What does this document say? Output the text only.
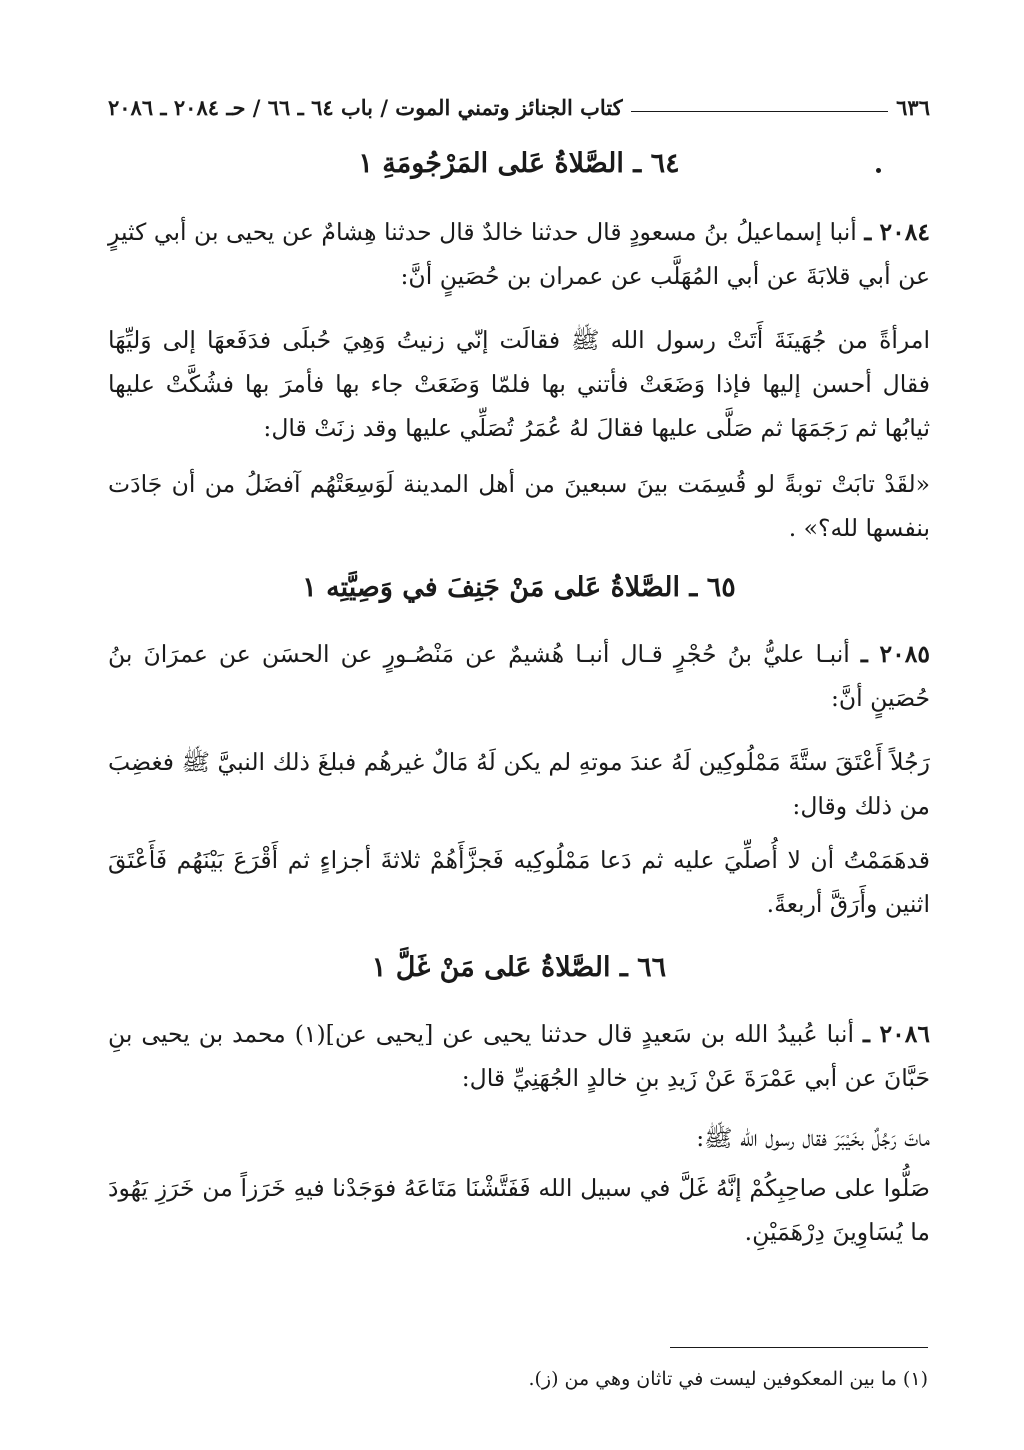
٦٣٦
كتاب الجنائز وتمني الموت / باب ٦٤ ـ ٦٦ / حـ ٢٠٨٤ ـ ٢٠٨٦
٦٤ ـ الصَّلاةُ عَلى المَرْجُومَةِ ١

٢٠٨٤ ـ أنبا إسماعيلُ بنُ مسعودٍ قال حدثنا خالدٌ قال حدثنا هِشامٌ عن يحيى بن أبي كثيرٍ عن أبي قلابَةَ عن أبي المُهَلَّب عن عمران بن حُصَينٍ أنَّ:

امرأةً من جُهَينَةَ أَتَتْ رسول الله ﷺ فقالَت إنّي زنيتُ وَهِيَ حُبلَى فدَفَعهَا إلى وَليِّهَا فقال أحسن إليها فإذا وَضَعَتْ فأتني بها فلمّا وَضَعَتْ جاء بها فأمرَ بها فشُكَّتْ عليها ثيابُها ثم رَجَمَهَا ثم صَلَّى عليها فقالَ لهُ عُمَرُ تُصَلِّي عليها وقد زنَتْ قال:

«لقَدْ تابَتْ توبةً لو قُسِمَت بينَ سبعينَ من أهل المدينة لَوَسِعَتْهُم آفضَلُ من أن جَادَت بنفسها لله؟» .

٦٥ ـ الصَّلاةُ عَلى مَنْ جَنِفَ في وَصِيَّتِه ١

٢٠٨٥ ـ أنبـا عليُّ بنُ حُجْرٍ قـال أنبـا هُشيمٌ عن مَنْصُـورٍ عن الحسَن عن عمرَانَ بنُ حُصَينٍ أنَّ:

رَجُلاً أَعْتَقَ ستَّةَ مَمْلُوكِين لَهُ عندَ موتهِ لم يكن لَهُ مَالٌ غيرهُم فبلغَ ذلك النبيَّ ﷺ فغضِبَ من ذلك وقال:

قدهَمَمْتُ أن لا أُصلِّيَ عليه ثم دَعا مَمْلُوكِيه فَجزَّأَهُمْ ثلاثةَ أجزاءٍ ثم أَقْرَعَ بَيْنَهُم فَأَعْتَقَ اثنين وأَرَقَّ أربعةً.

٦٦ ـ الصَّلاةُ عَلى مَنْ غَلَّ ١

٢٠٨٦ ـ أنبا عُبيدُ الله بن سَعيدٍ قال حدثنا يحيى عن [يحيى عن](١) محمد بن يحيى بنِ حَبَّانَ عن أبي عَمْرَةَ عَنْ زَيدِ بنِ خالدٍ الجُهَنِيِّ قال:

ماتَ رَجُلٌ بخَيْبَرَ فقال رسول الله ﷺ:

صَلُّوا على صاحِبِكُمْ إنَّهُ غَلَّ في سبيل الله فَفَتَّشْنَا مَتَاعَهُ فوَجَدْنا فيهِ خَرَزاً من خَرَزِ يَهُودَ ما يُسَاوِينَ دِرْهَمَيْنِ.

(١) ما بين المعكوفين ليست في تاثان وهي من (ز).
